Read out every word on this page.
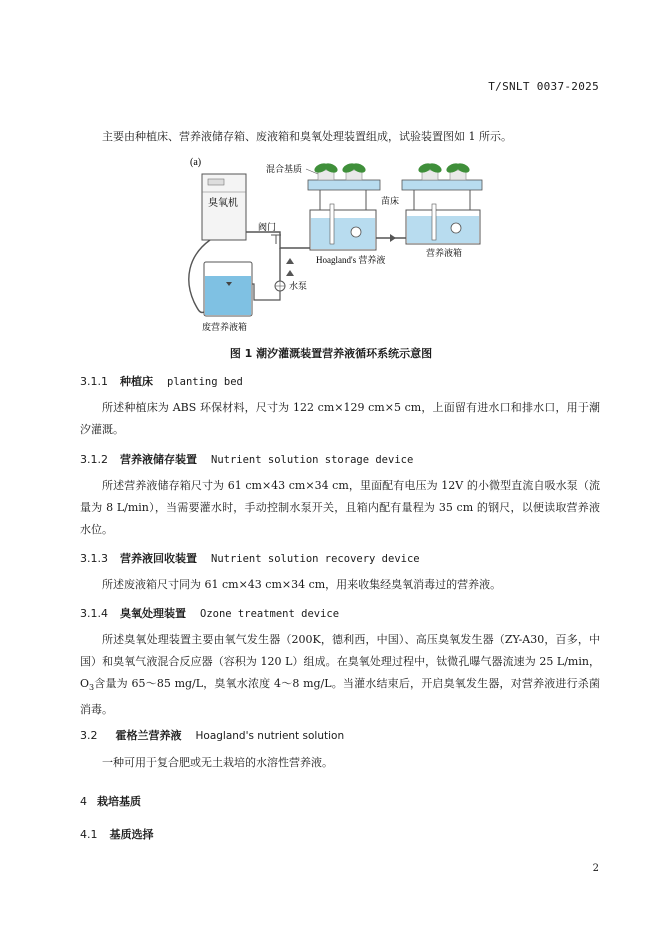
T/SNLT 0037-2025

主要由种植床、营养液储存箱、废液箱和臭氧处理装置组成，试验装置图如 1 所示。

(a)
臭氧机
混合基质
Hoagland's 营养液
苗床
营养液箱
阀门
水泵
废营养液箱
图 1 潮汐灌溉装置营养液循环系统示意图
3.1.1 种植床 planting bed

所述种植床为 ABS 环保材料，尺寸为 122 cm×129 cm×5 cm，上面留有进水口和排水口，用于潮汐灌溉。

3.1.2 营养液储存装置 Nutrient solution storage device

所述营养液储存箱尺寸为 61 cm×43 cm×34 cm，里面配有电压为 12V 的小微型直流自吸水泵（流量为 8 L/min），当需要灌水时，手动控制水泵开关，且箱内配有量程为 35 cm 的钢尺，以便读取营养液水位。

3.1.3 营养液回收装置 Nutrient solution recovery device

所述废液箱尺寸同为 61 cm×43 cm×34 cm，用来收集经臭氧消毒过的营养液。

3.1.4 臭氧处理装置 Ozone treatment device

所述臭氧处理装置主要由氧气发生器（200K，德利西，中国）、高压臭氧发生器（ZY-A30，百多，中国）和臭氧气液混合反应器（容积为 120 L）组成。在臭氧处理过程中，钛微孔曝气器流速为 25 L/min，$O_3$含量为 65～85 mg/L，臭氧水浓度 4～8 mg/L。当灌水结束后，开启臭氧发生器，对营养液进行杀菌消毒。

3.2 霍格兰营养液 Hoagland's nutrient solution

一种可用于复合肥或无土栽培的水溶性营养液。

4 栽培基质
4.1 基质选择
2
